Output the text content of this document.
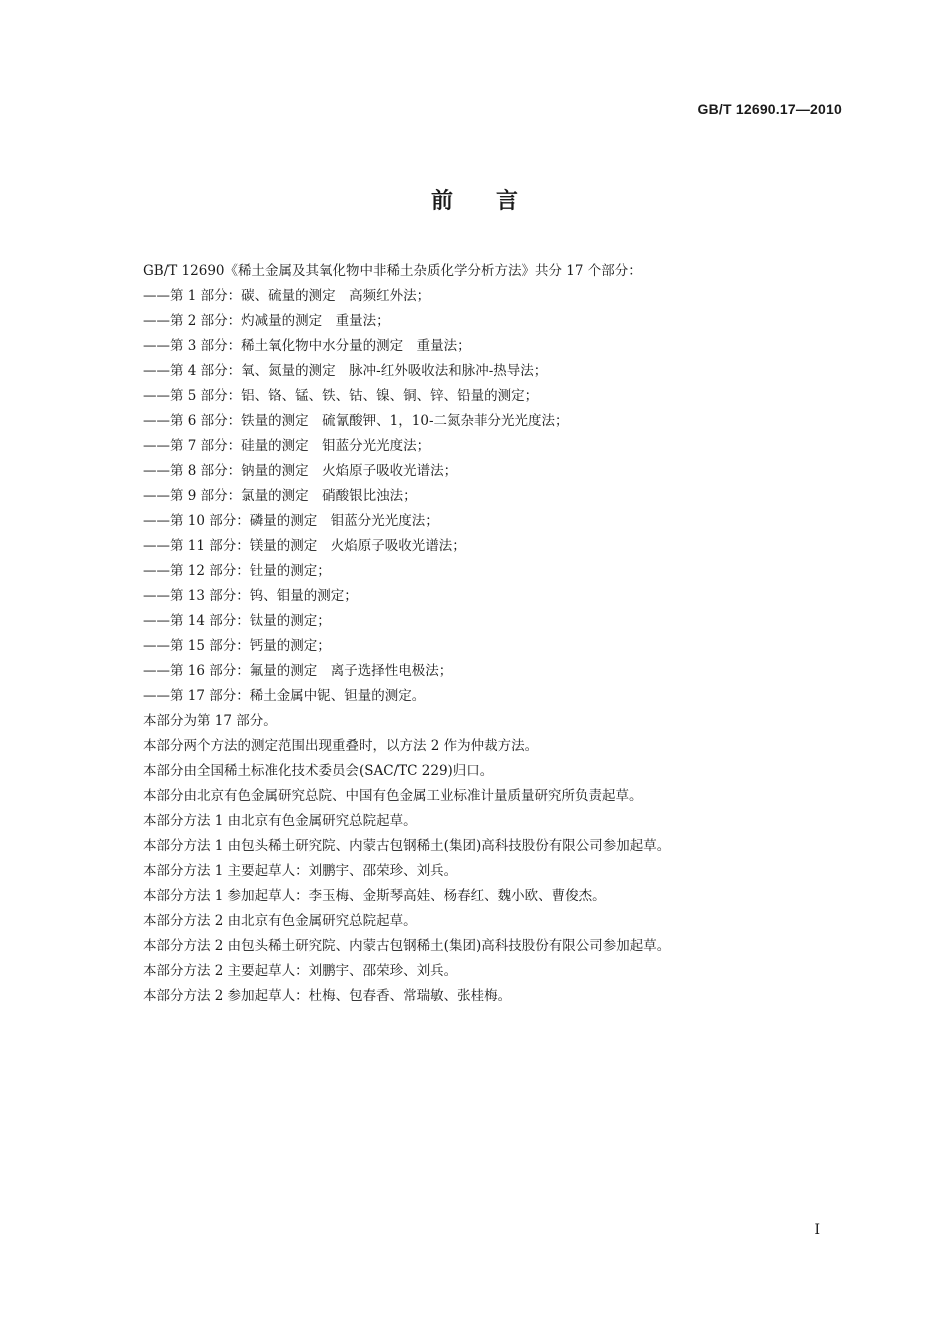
GB/T 12690.17—2010
前 言
GB/T 12690《稀土金属及其氧化物中非稀土杂质化学分析方法》共分 17 个部分：
——第 1 部分：碳、硫量的测定　高频红外法；
——第 2 部分：灼减量的测定　重量法；
——第 3 部分：稀土氧化物中水分量的测定　重量法；
——第 4 部分：氧、氮量的测定　脉冲-红外吸收法和脉冲-热导法；
——第 5 部分：铝、铬、锰、铁、钴、镍、铜、锌、铅量的测定；
——第 6 部分：铁量的测定　硫氰酸钾、1，10-二氮杂菲分光光度法；
——第 7 部分：硅量的测定　钼蓝分光光度法；
——第 8 部分：钠量的测定　火焰原子吸收光谱法；
——第 9 部分：氯量的测定　硝酸银比浊法；
——第 10 部分：磷量的测定　钼蓝分光光度法；
——第 11 部分：镁量的测定　火焰原子吸收光谱法；
——第 12 部分：钍量的测定；
——第 13 部分：钨、钼量的测定；
——第 14 部分：钛量的测定；
——第 15 部分：钙量的测定；
——第 16 部分：氟量的测定　离子选择性电极法；
——第 17 部分：稀土金属中铌、钽量的测定。
本部分为第 17 部分。
本部分两个方法的测定范围出现重叠时，以方法 2 作为仲裁方法。
本部分由全国稀土标准化技术委员会(SAC/TC 229)归口。
本部分由北京有色金属研究总院、中国有色金属工业标准计量质量研究所负责起草。
本部分方法 1 由北京有色金属研究总院起草。
本部分方法 1 由包头稀土研究院、内蒙古包钢稀土(集团)高科技股份有限公司参加起草。
本部分方法 1 主要起草人：刘鹏宇、邵荣珍、刘兵。
本部分方法 1 参加起草人：李玉梅、金斯琴高娃、杨春红、魏小欧、曹俊杰。
本部分方法 2 由北京有色金属研究总院起草。
本部分方法 2 由包头稀土研究院、内蒙古包钢稀土(集团)高科技股份有限公司参加起草。
本部分方法 2 主要起草人：刘鹏宇、邵荣珍、刘兵。
本部分方法 2 参加起草人：杜梅、包春香、常瑞敏、张桂梅。
I
